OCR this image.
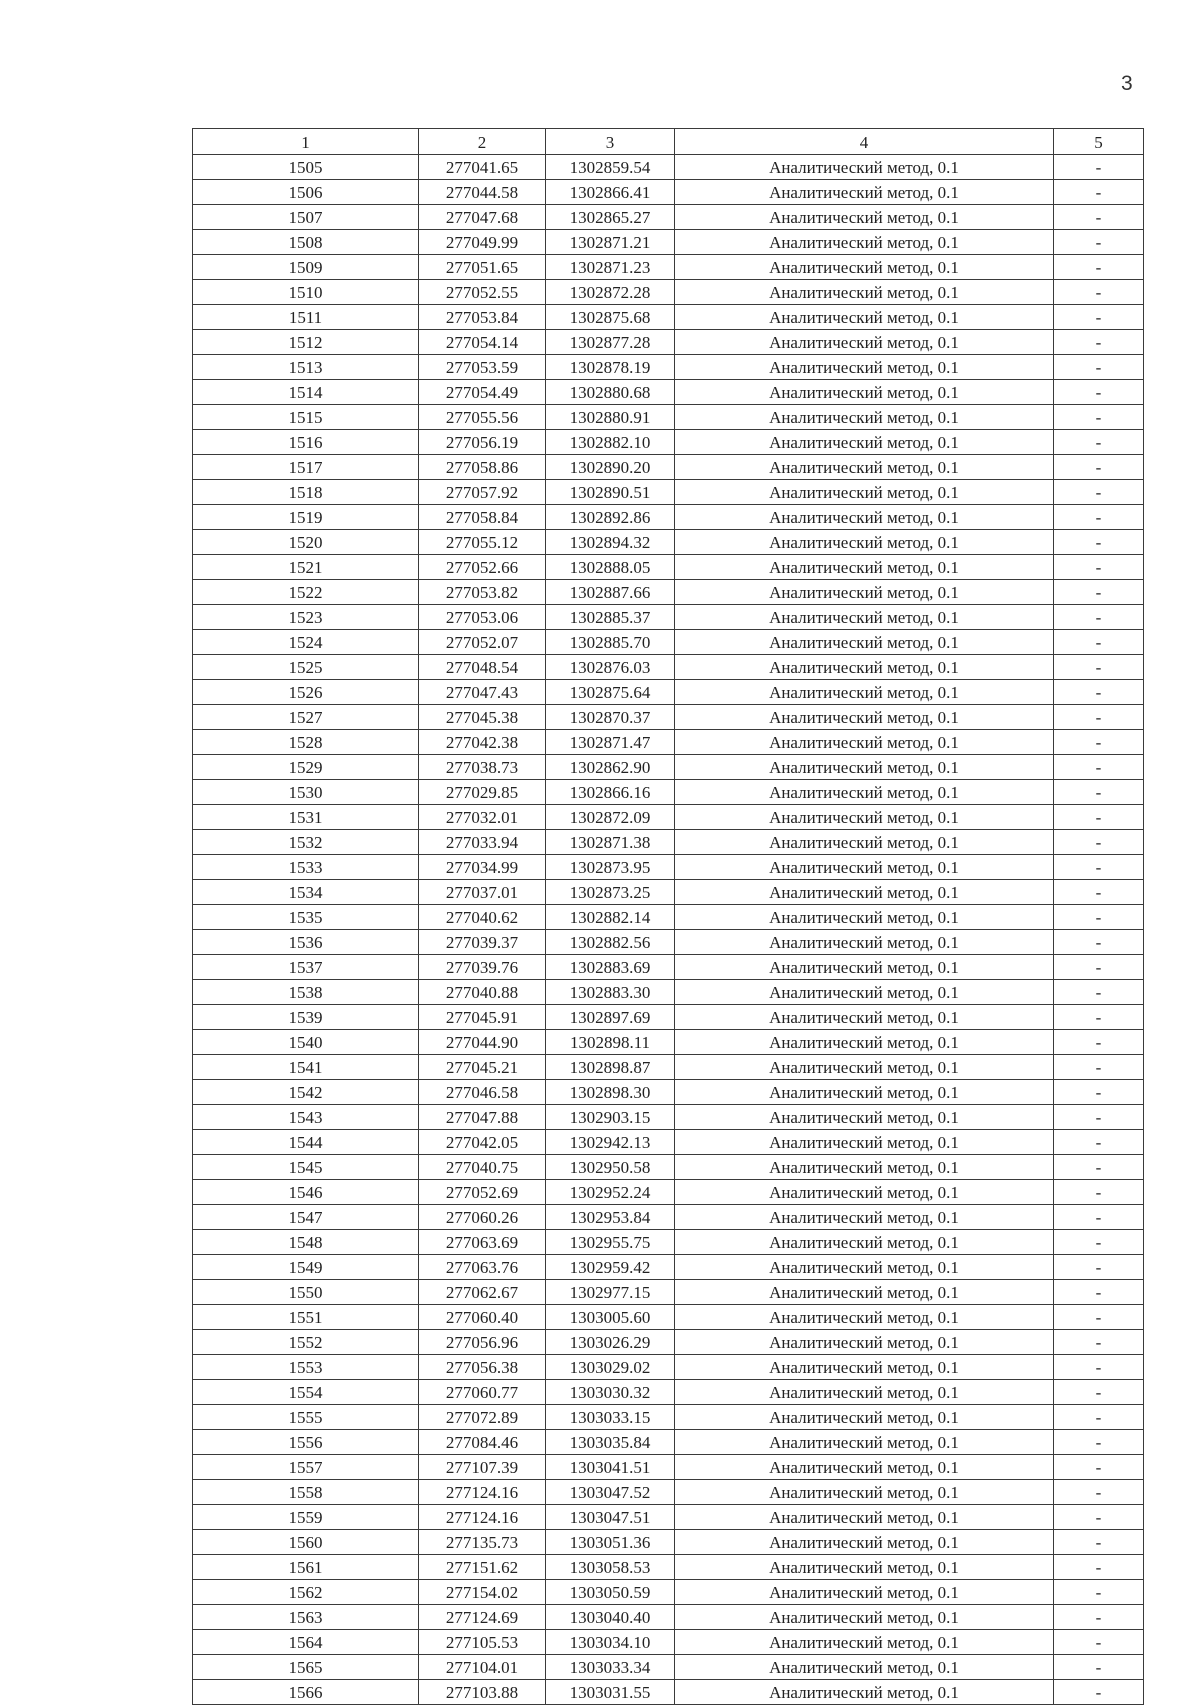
3
1	2	3	4	5
1505	277041.65	1302859.54	Аналитический метод, 0.1	-
1506	277044.58	1302866.41	Аналитический метод, 0.1	-
1507	277047.68	1302865.27	Аналитический метод, 0.1	-
1508	277049.99	1302871.21	Аналитический метод, 0.1	-
1509	277051.65	1302871.23	Аналитический метод, 0.1	-
1510	277052.55	1302872.28	Аналитический метод, 0.1	-
1511	277053.84	1302875.68	Аналитический метод, 0.1	-
1512	277054.14	1302877.28	Аналитический метод, 0.1	-
1513	277053.59	1302878.19	Аналитический метод, 0.1	-
1514	277054.49	1302880.68	Аналитический метод, 0.1	-
1515	277055.56	1302880.91	Аналитический метод, 0.1	-
1516	277056.19	1302882.10	Аналитический метод, 0.1	-
1517	277058.86	1302890.20	Аналитический метод, 0.1	-
1518	277057.92	1302890.51	Аналитический метод, 0.1	-
1519	277058.84	1302892.86	Аналитический метод, 0.1	-
1520	277055.12	1302894.32	Аналитический метод, 0.1	-
1521	277052.66	1302888.05	Аналитический метод, 0.1	-
1522	277053.82	1302887.66	Аналитический метод, 0.1	-
1523	277053.06	1302885.37	Аналитический метод, 0.1	-
1524	277052.07	1302885.70	Аналитический метод, 0.1	-
1525	277048.54	1302876.03	Аналитический метод, 0.1	-
1526	277047.43	1302875.64	Аналитический метод, 0.1	-
1527	277045.38	1302870.37	Аналитический метод, 0.1	-
1528	277042.38	1302871.47	Аналитический метод, 0.1	-
1529	277038.73	1302862.90	Аналитический метод, 0.1	-
1530	277029.85	1302866.16	Аналитический метод, 0.1	-
1531	277032.01	1302872.09	Аналитический метод, 0.1	-
1532	277033.94	1302871.38	Аналитический метод, 0.1	-
1533	277034.99	1302873.95	Аналитический метод, 0.1	-
1534	277037.01	1302873.25	Аналитический метод, 0.1	-
1535	277040.62	1302882.14	Аналитический метод, 0.1	-
1536	277039.37	1302882.56	Аналитический метод, 0.1	-
1537	277039.76	1302883.69	Аналитический метод, 0.1	-
1538	277040.88	1302883.30	Аналитический метод, 0.1	-
1539	277045.91	1302897.69	Аналитический метод, 0.1	-
1540	277044.90	1302898.11	Аналитический метод, 0.1	-
1541	277045.21	1302898.87	Аналитический метод, 0.1	-
1542	277046.58	1302898.30	Аналитический метод, 0.1	-
1543	277047.88	1302903.15	Аналитический метод, 0.1	-
1544	277042.05	1302942.13	Аналитический метод, 0.1	-
1545	277040.75	1302950.58	Аналитический метод, 0.1	-
1546	277052.69	1302952.24	Аналитический метод, 0.1	-
1547	277060.26	1302953.84	Аналитический метод, 0.1	-
1548	277063.69	1302955.75	Аналитический метод, 0.1	-
1549	277063.76	1302959.42	Аналитический метод, 0.1	-
1550	277062.67	1302977.15	Аналитический метод, 0.1	-
1551	277060.40	1303005.60	Аналитический метод, 0.1	-
1552	277056.96	1303026.29	Аналитический метод, 0.1	-
1553	277056.38	1303029.02	Аналитический метод, 0.1	-
1554	277060.77	1303030.32	Аналитический метод, 0.1	-
1555	277072.89	1303033.15	Аналитический метод, 0.1	-
1556	277084.46	1303035.84	Аналитический метод, 0.1	-
1557	277107.39	1303041.51	Аналитический метод, 0.1	-
1558	277124.16	1303047.52	Аналитический метод, 0.1	-
1559	277124.16	1303047.51	Аналитический метод, 0.1	-
1560	277135.73	1303051.36	Аналитический метод, 0.1	-
1561	277151.62	1303058.53	Аналитический метод, 0.1	-
1562	277154.02	1303050.59	Аналитический метод, 0.1	-
1563	277124.69	1303040.40	Аналитический метод, 0.1	-
1564	277105.53	1303034.10	Аналитический метод, 0.1	-
1565	277104.01	1303033.34	Аналитический метод, 0.1	-
1566	277103.88	1303031.55	Аналитический метод, 0.1	-
